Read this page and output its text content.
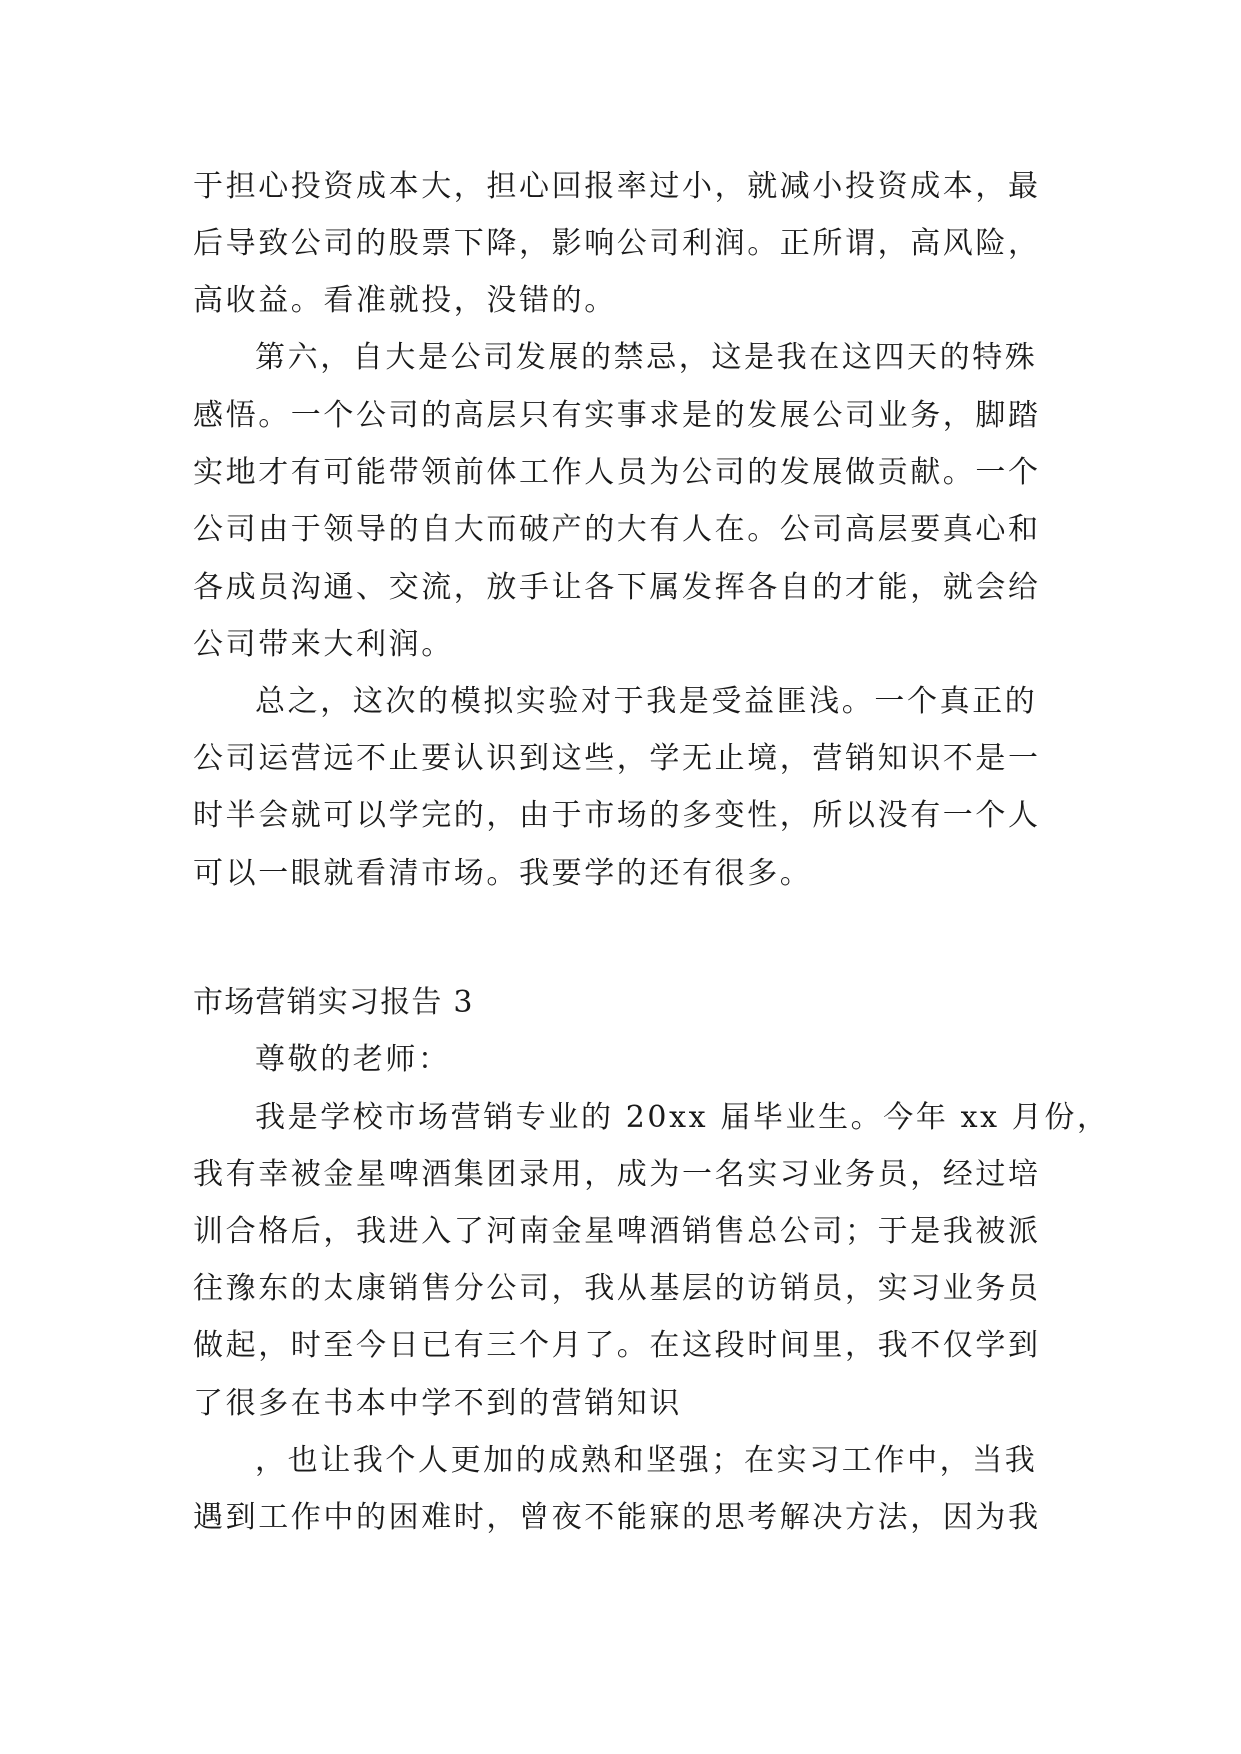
于担心投资成本大，担心回报率过小，就减小投资成本，最

后导致公司的股票下降，影响公司利润。正所谓，高风险，

高收益。看准就投，没错的。

第六，自大是公司发展的禁忌，这是我在这四天的特殊

感悟。一个公司的高层只有实事求是的发展公司业务，脚踏

实地才有可能带领前体工作人员为公司的发展做贡献。一个

公司由于领导的自大而破产的大有人在。公司高层要真心和

各成员沟通、交流，放手让各下属发挥各自的才能，就会给

公司带来大利润。

总之，这次的模拟实验对于我是受益匪浅。一个真正的

公司运营远不止要认识到这些，学无止境，营销知识不是一

时半会就可以学完的，由于市场的多变性，所以没有一个人

可以一眼就看清市场。我要学的还有很多。

市场营销实习报告 3

尊敬的老师：

我是学校市场营销专业的 20xx 届毕业生。今年 xx 月份，

我有幸被金星啤酒集团录用，成为一名实习业务员，经过培

训合格后，我进入了河南金星啤酒销售总公司；于是我被派

往豫东的太康销售分公司，我从基层的访销员，实习业务员

做起，时至今日已有三个月了。在这段时间里，我不仅学到

了很多在书本中学不到的营销知识

，也让我个人更加的成熟和坚强；在实习工作中，当我

遇到工作中的困难时，曾夜不能寐的思考解决方法，因为我
